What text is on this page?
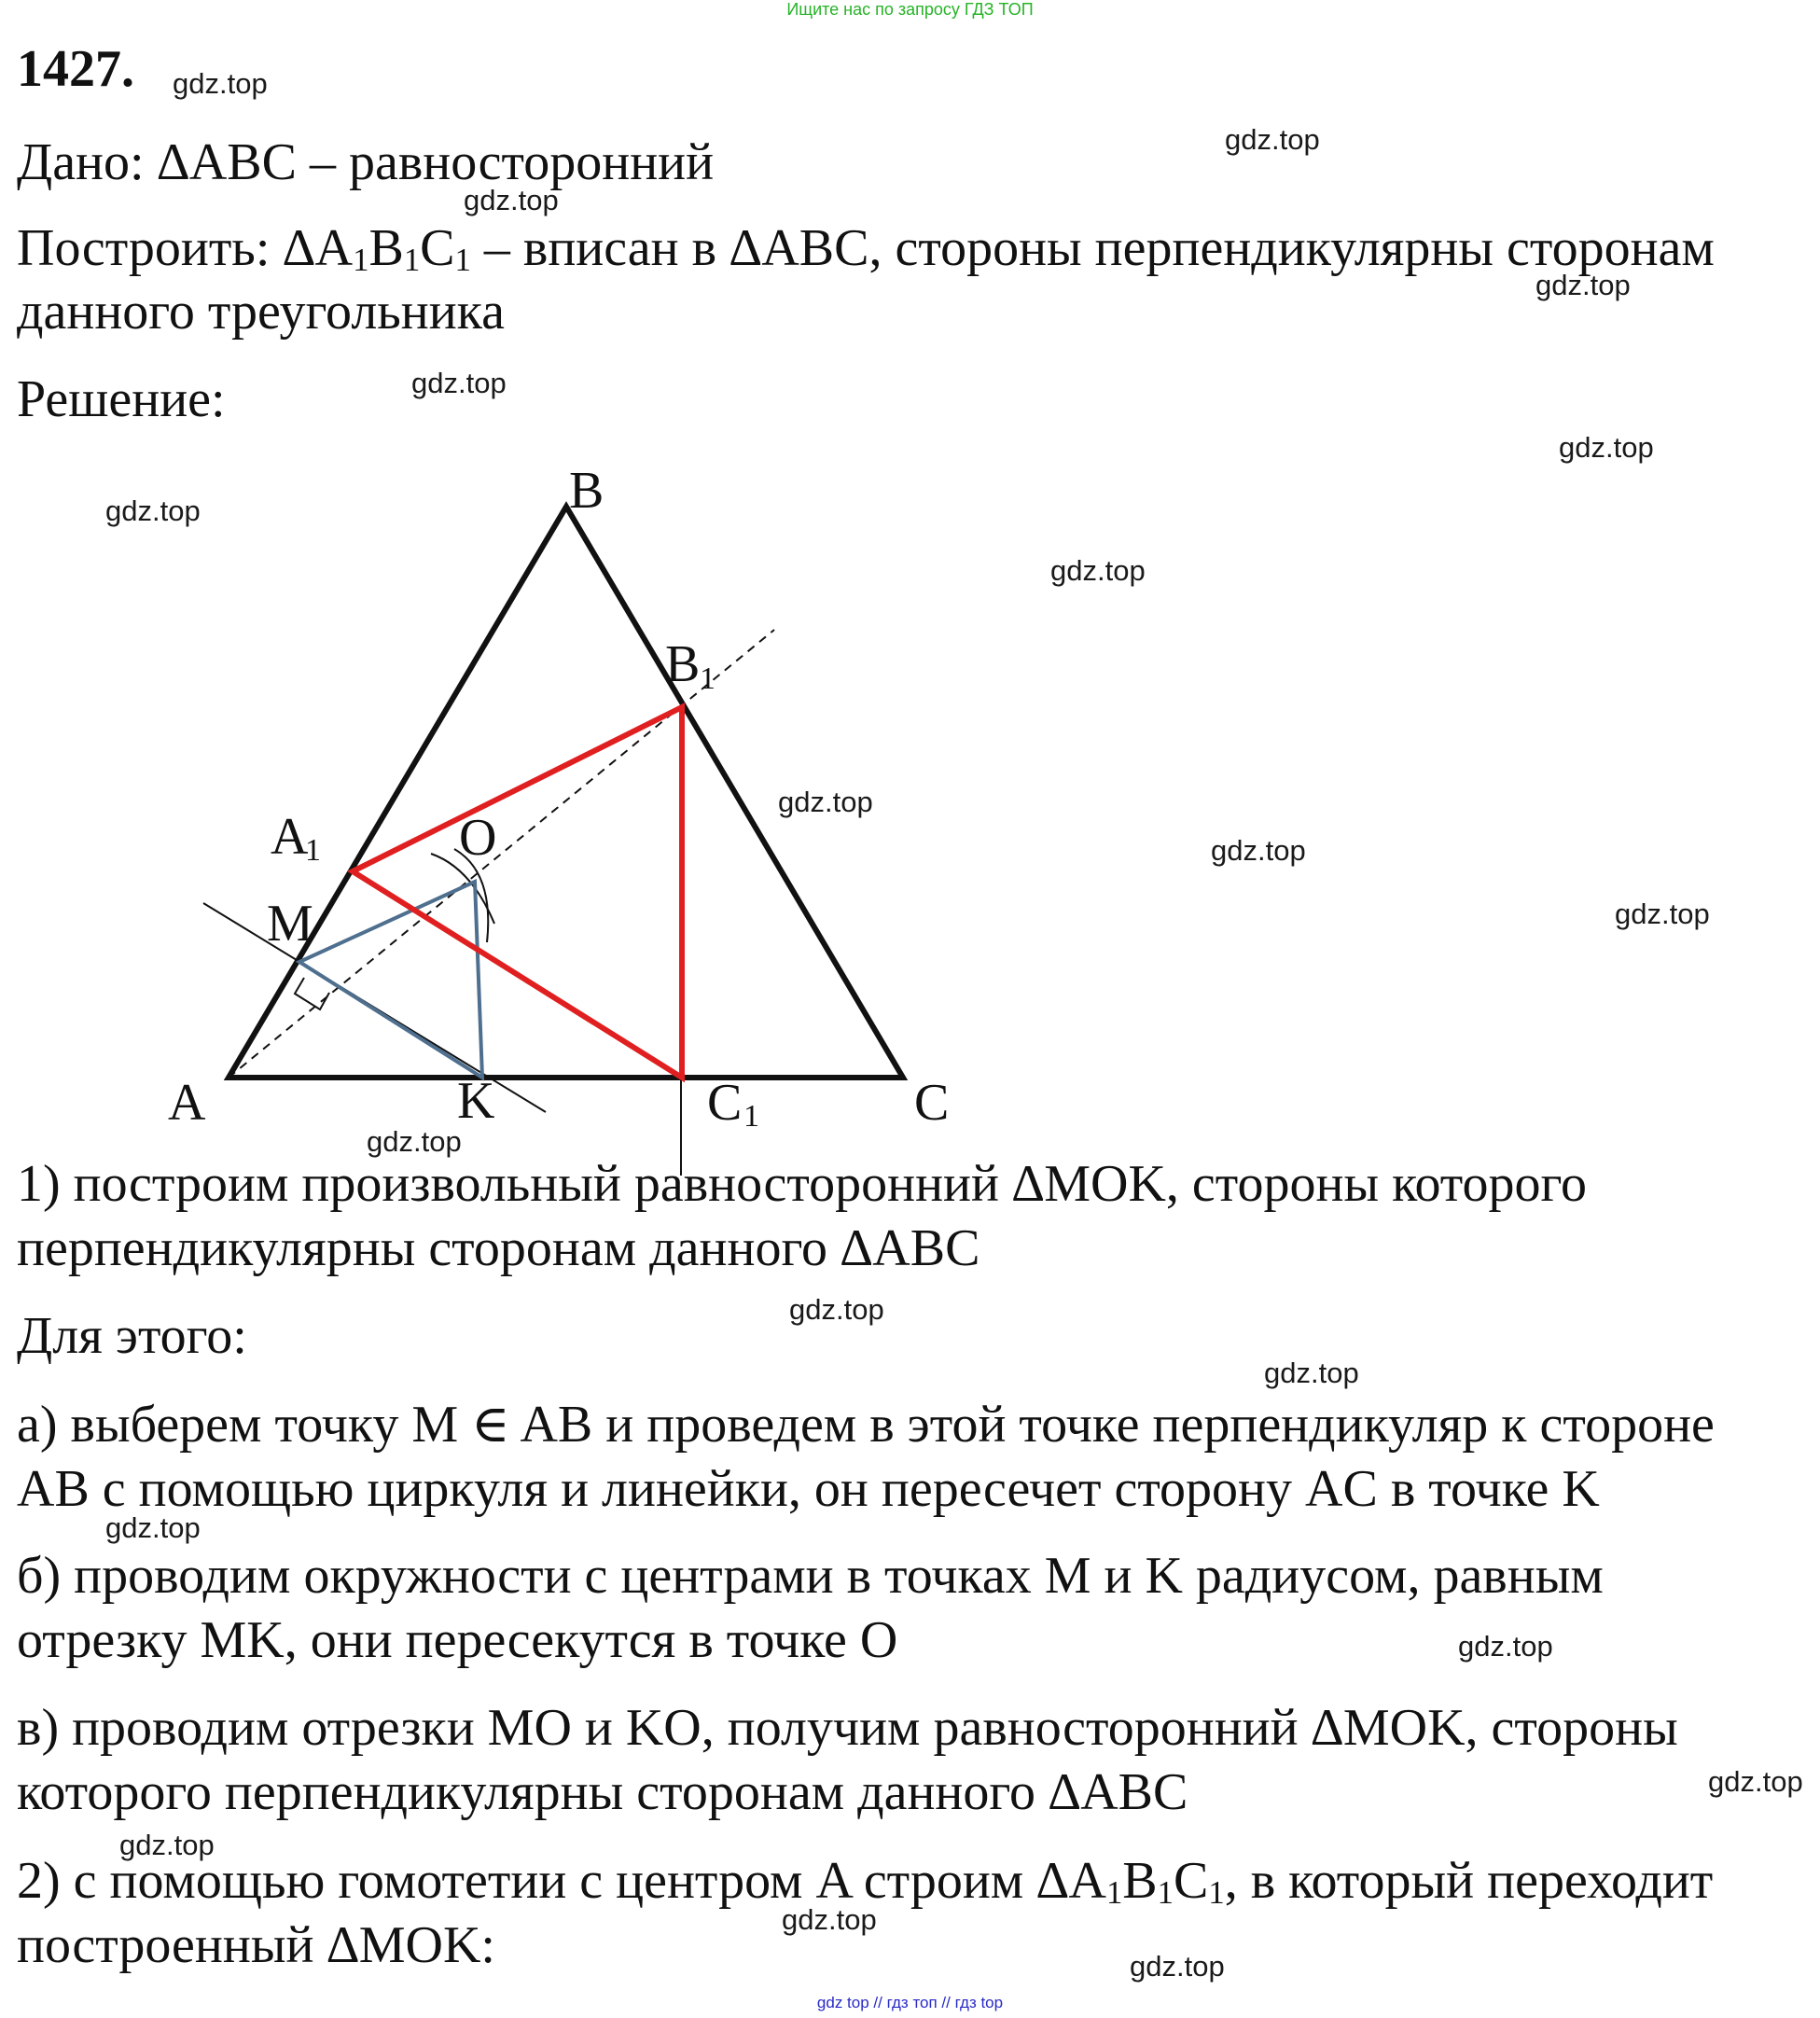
Ищите нас по запросу ГДЗ ТОП
1427.
Дано: ∆ABC – равносторонний
Построить: $\Delta A_1B_1C_1$ – вписан в ∆ABC, стороны перпендикулярны сторонам
данного треугольника
Решение:
B
A	C
B 1
A
1
C 1
M
O
K
1) построим произвольный равносторонний ∆MOK, стороны которого
перпендикулярны сторонам данного ∆ABC
Для этого:
а) выберем точку M ∈ AB и проведем в этой точке перпендикуляр к стороне
AB с помощью циркуля и линейки, он пересечет сторону AC в точке K
б) проводим окружности с центрами в точках M и K радиусом, равным
отрезку MK, они пересекутся в точке O
в) проводим отрезки MO и KO, получим равносторонний ∆MOK, стороны
которого перпендикулярны сторонам данного ∆ABC
2) с помощью гомотетии с центром A строим $\Delta A_1B_1C_1$, в который переходит
построенный ∆MOK:
gdz.top
gdz.top
gdz.top
gdz.top
gdz.top
gdz.top
gdz.top
gdz.top
gdz.top
gdz.top
gdz.top
gdz.top
gdz.top
gdz.top
gdz.top
gdz.top
gdz.top
gdz.top
gdz.top
gdz.top
gdz top // гдз топ // гдз top
